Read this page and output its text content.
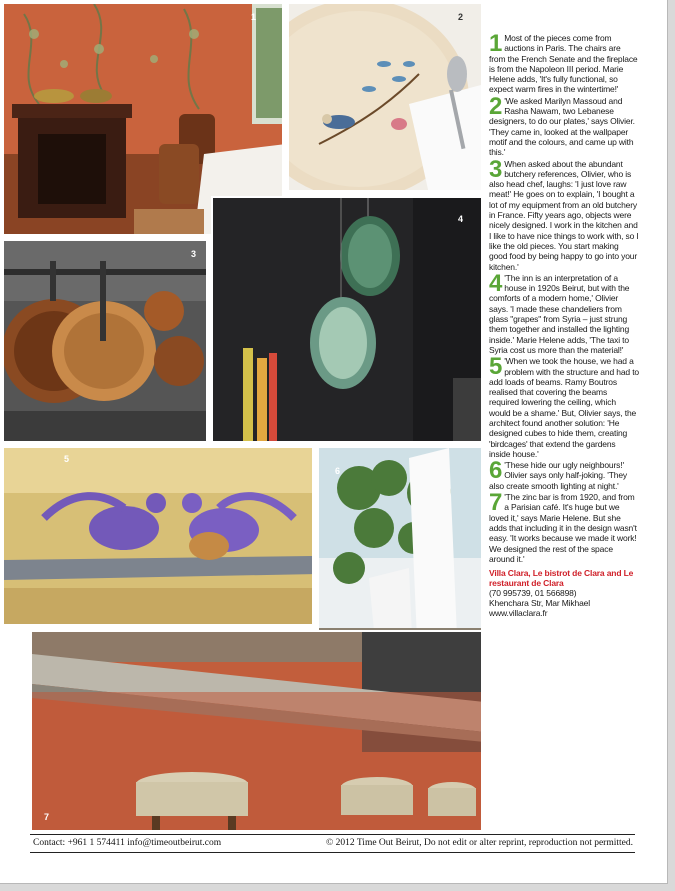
1	2
3
4
5
6
7
1 Most of the pieces come from auctions in Paris. The chairs are from the French Senate and the fireplace is from the Napoleon III period. Marie Helene adds, 'It's fully functional, so expect warm fires in the wintertime!'
2 'We asked Marilyn Massoud and Rasha Nawam, two Lebanese designers, to do our plates,' says Olivier. 'They came in, looked at the wallpaper motif and the colours, and came up with this.'
3 When asked about the abundant butchery references, Olivier, who is also head chef, laughs: 'I just love raw meat!' He goes on to explain, 'I bought a lot of my equipment from an old butchery in France. Fifty years ago, objects were nicely designed. I work in the kitchen and I like to have nice things to work with, so I like the old pieces. You start making good food by being happy to go into your kitchen.'
4 'The inn is an interpretation of a house in 1920s Beirut, but with the comforts of a modern home,' Olivier says. 'I made these chandeliers from glass "grapes" from Syria – just strung them together and installed the lighting inside.' Marie Helene adds, 'The taxi to Syria cost us more than the material!'
5 'When we took the house, we had a problem with the structure and had to add loads of beams. Ramy Boutros realised that covering the beams required lowering the ceiling, which would be a shame.' But, Olivier says, the architect found another solution: 'He designed cubes to hide them, creating 'birdcages' that extend the gardens inside house.'
6 'These hide our ugly neighbours!' Olivier says only half-joking. 'They also create smooth lighting at night.'
7 'The zinc bar is from 1920, and from a Parisian café. It's huge but we loved it,' says Marie Helene. But she adds that including it in the design wasn't easy. 'It works because we made it work! We designed the rest of the space around it.'
Villa Clara, Le bistrot de Clara and Le restaurant de Clara
(70 995739, 01 566898)
Khenchara Str, Mar Mikhael
www.villaclara.fr
Contact: +961 1 574411 info@timeoutbeirut.com	© 2012 Time Out Beirut, Do not edit or alter reprint, reproduction not permitted.
